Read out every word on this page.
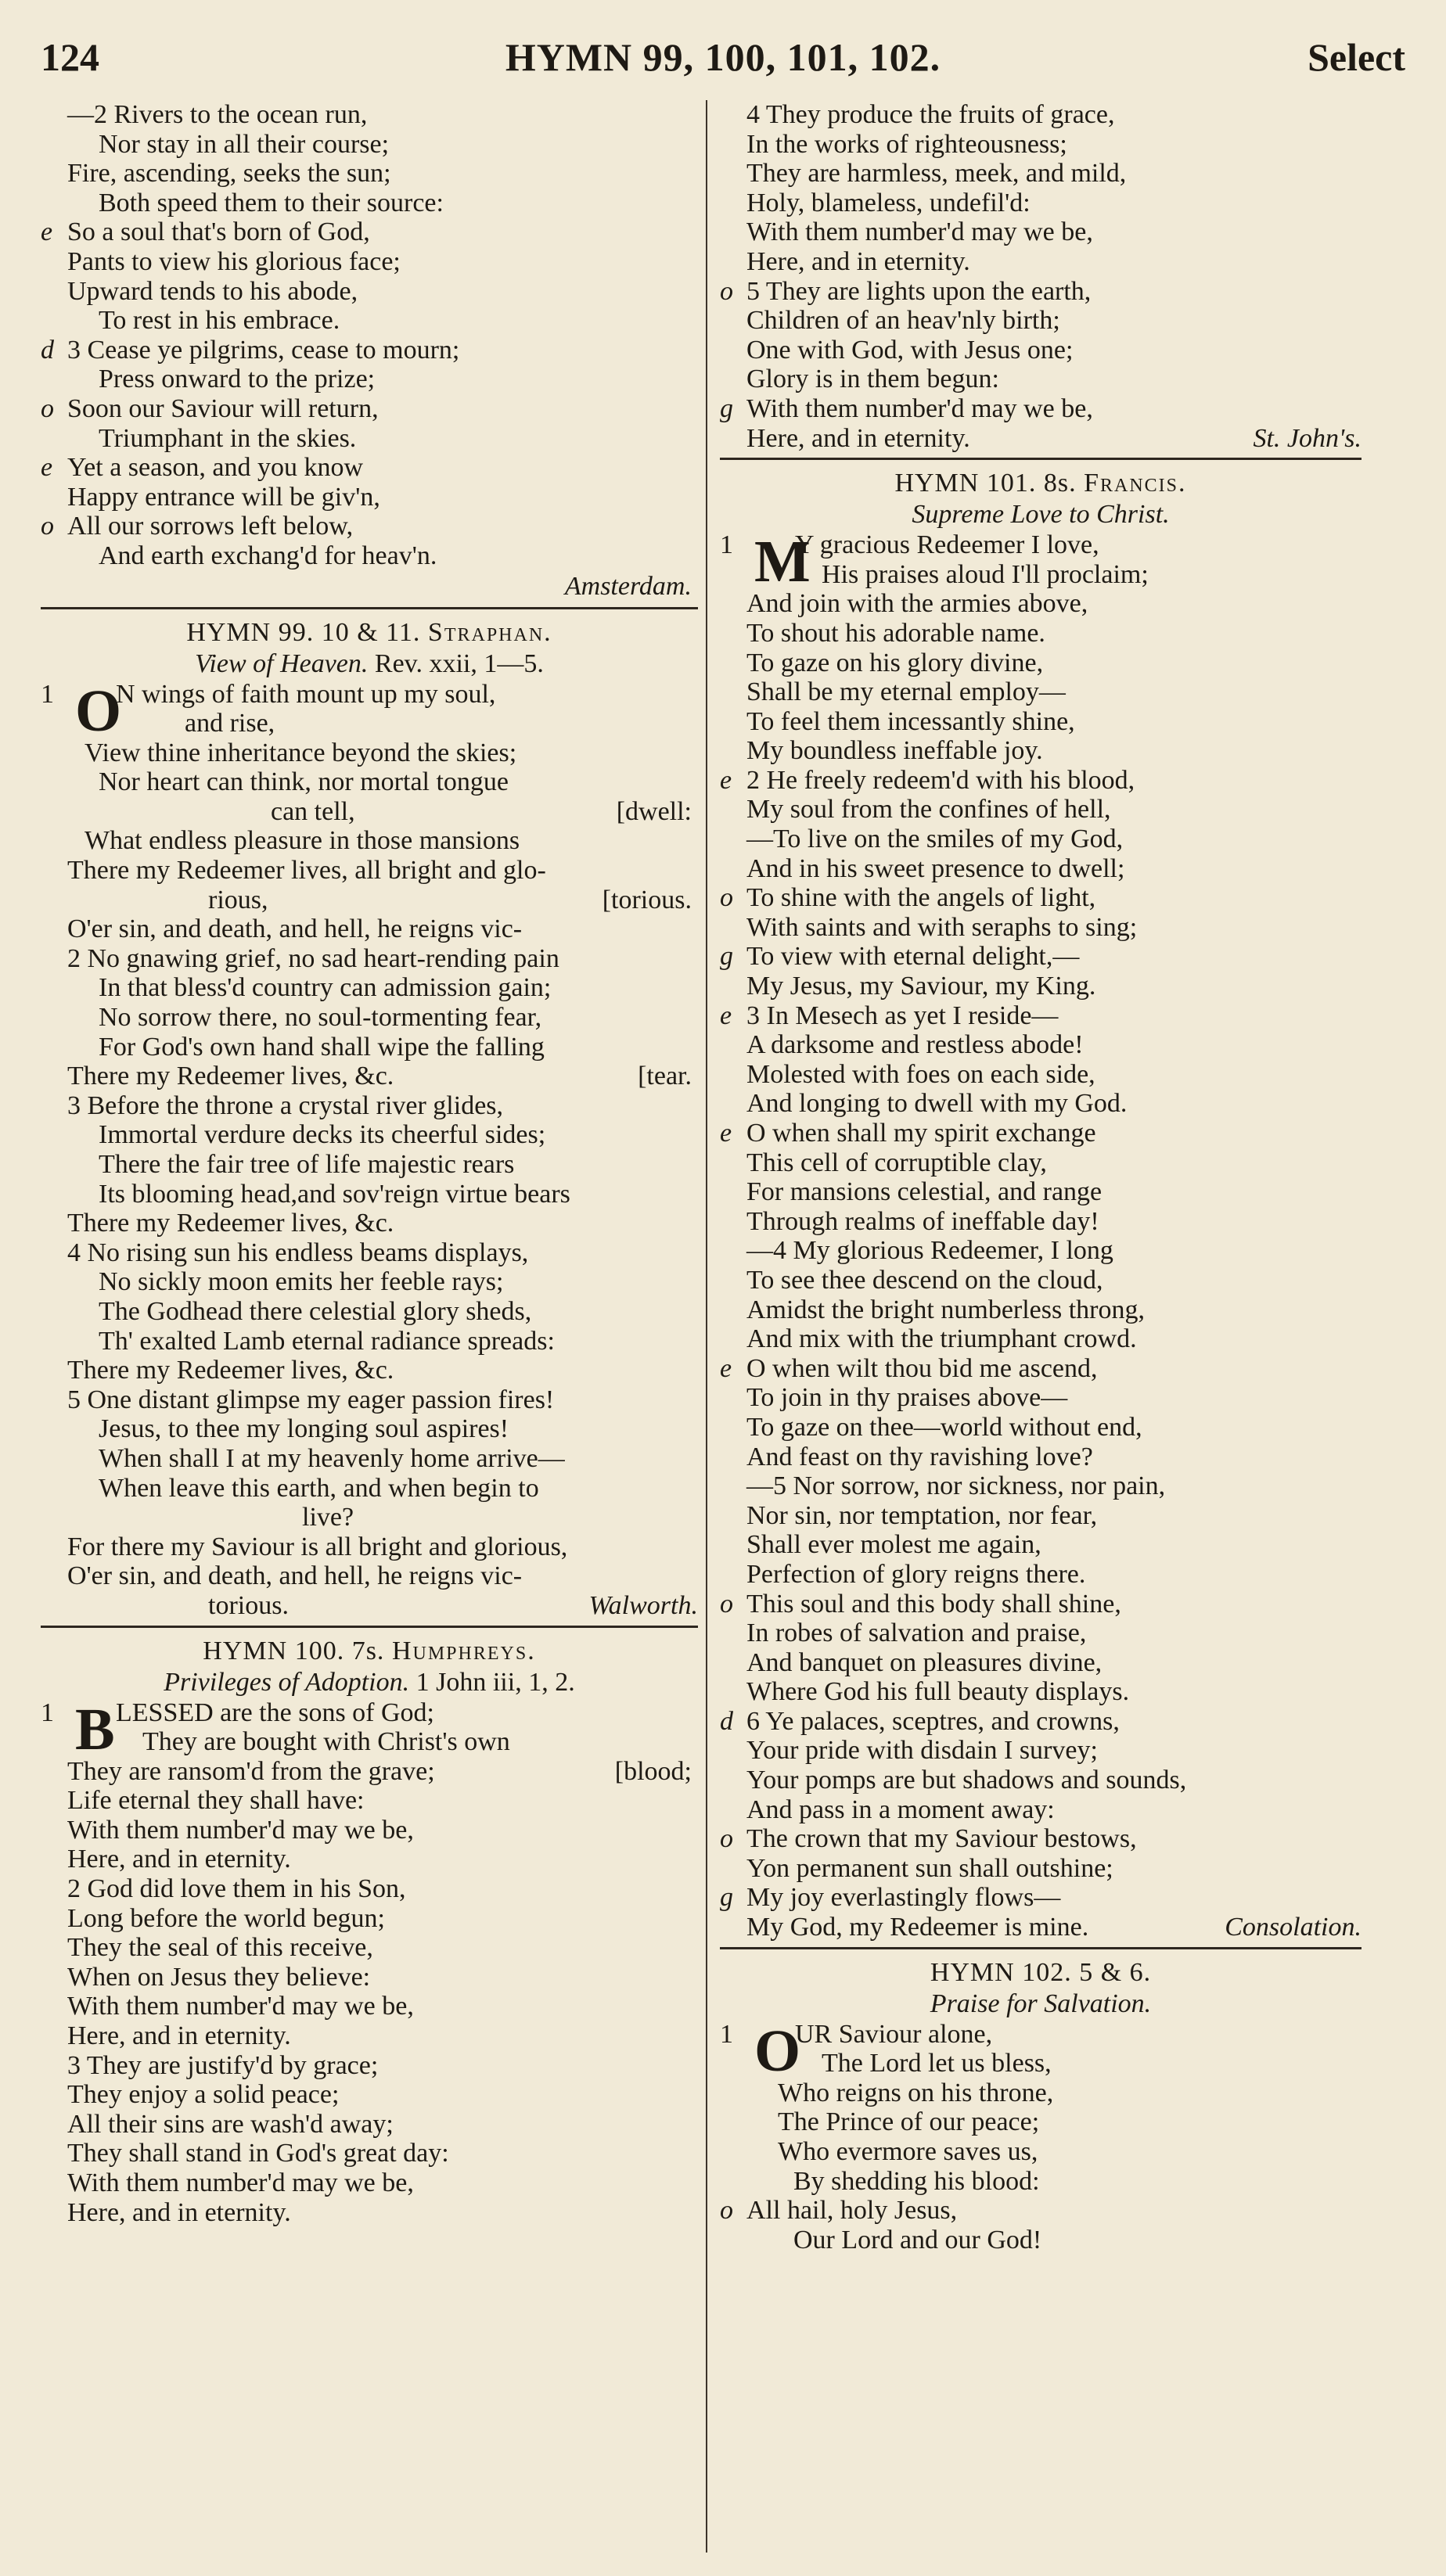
124	HYMN 99, 100, 101, 102.	Select
—2 Rivers to the ocean run,
Nor stay in all their course;
Fire, ascending, seeks the sun;
Both speed them to their source:
e So a soul that's born of God,
Pants to view his glorious face;
Upward tends to his abode,
To rest in his embrace.
d 3 Cease ye pilgrims, cease to mourn;
Press onward to the prize;
o Soon our Saviour will return,
Triumphant in the skies.
e Yet a season, and you know
Happy entrance will be giv'n,
o All our sorrows left below,
And earth exchang'd for heav'n.
Amsterdam.
HYMN 99. 10 & 11. Straphan.
View of Heaven. Rev. xxii, 1—5.
1 O
N wings of faith mount up my soul,
and rise,
View thine inheritance beyond the skies;
Nor heart can think, nor mortal tongue
can tell,	[dwell:
What endless pleasure in those mansions
There my Redeemer lives, all bright and glo-
rious,	[torious.
O'er sin, and death, and hell, he reigns vic-
2 No gnawing grief, no sad heart-rending pain
In that bless'd country can admission gain;
No sorrow there, no soul-tormenting fear,
For God's own hand shall wipe the falling
There my Redeemer lives, &c.	[tear.
3 Before the throne a crystal river glides,
Immortal verdure decks its cheerful sides;
There the fair tree of life majestic rears
Its blooming head,and sov'reign virtue bears
There my Redeemer lives, &c.
4 No rising sun his endless beams displays,
No sickly moon emits her feeble rays;
The Godhead there celestial glory sheds,
Th' exalted Lamb eternal radiance spreads:
There my Redeemer lives, &c.
5 One distant glimpse my eager passion fires!
Jesus, to thee my longing soul aspires!
When shall I at my heavenly home arrive—
When leave this earth, and when begin to
live?
For there my Saviour is all bright and glorious,
O'er sin, and death, and hell, he reigns vic-
torious.	Walworth.
HYMN 100. 7s. Humphreys.
Privileges of Adoption. 1 John iii, 1, 2.
1 B LESSED are the sons of God;
They are bought with Christ's own
They are ransom'd from the grave;	[blood;
Life eternal they shall have:
With them number'd may we be,
Here, and in eternity.
2 God did love them in his Son,
Long before the world begun;
They the seal of this receive,
When on Jesus they believe:
With them number'd may we be,
Here, and in eternity.
3 They are justify'd by grace;
They enjoy a solid peace;
All their sins are wash'd away;
They shall stand in God's great day:
With them number'd may we be,
Here, and in eternity.
4 They produce the fruits of grace,
In the works of righteousness;
They are harmless, meek, and mild,
Holy, blameless, undefil'd:
With them number'd may we be,
Here, and in eternity.
o 5 They are lights upon the earth,
Children of an heav'nly birth;
One with God, with Jesus one;
Glory is in them begun:
g With them number'd may we be,
Here, and in eternity.	St. John's.
HYMN 101. 8s. Francis.
Supreme Love to Christ.
1 M
Y gracious Redeemer I love,
His praises aloud I'll proclaim;
And join with the armies above,
To shout his adorable name.
To gaze on his glory divine,
Shall be my eternal employ—
To feel them incessantly shine,
My boundless ineffable joy.
e 2 He freely redeem'd with his blood,
My soul from the confines of hell,
—To live on the smiles of my God,
And in his sweet presence to dwell;
o To shine with the angels of light,
With saints and with seraphs to sing;
g To view with eternal delight,—
My Jesus, my Saviour, my King.
e 3 In Mesech as yet I reside—
A darksome and restless abode!
Molested with foes on each side,
And longing to dwell with my God.
e O when shall my spirit exchange
This cell of corruptible clay,
For mansions celestial, and range
Through realms of ineffable day!
—4 My glorious Redeemer, I long
To see thee descend on the cloud,
Amidst the bright numberless throng,
And mix with the triumphant crowd.
e O when wilt thou bid me ascend,
To join in thy praises above—
To gaze on thee—world without end,
And feast on thy ravishing love?
—5 Nor sorrow, nor sickness, nor pain,
Nor sin, nor temptation, nor fear,
Shall ever molest me again,
Perfection of glory reigns there.
o This soul and this body shall shine,
In robes of salvation and praise,
And banquet on pleasures divine,
Where God his full beauty displays.
d 6 Ye palaces, sceptres, and crowns,
Your pride with disdain I survey;
Your pomps are but shadows and sounds,
And pass in a moment away:
o The crown that my Saviour bestows,
Yon permanent sun shall outshine;
g My joy everlastingly flows—
My God, my Redeemer is mine.	Consolation.
HYMN 102. 5 & 6.
Praise for Salvation.
1 O
UR Saviour alone,
The Lord let us bless,
Who reigns on his throne,
The Prince of our peace;
Who evermore saves us,
By shedding his blood:
o All hail, holy Jesus,
Our Lord and our God!
